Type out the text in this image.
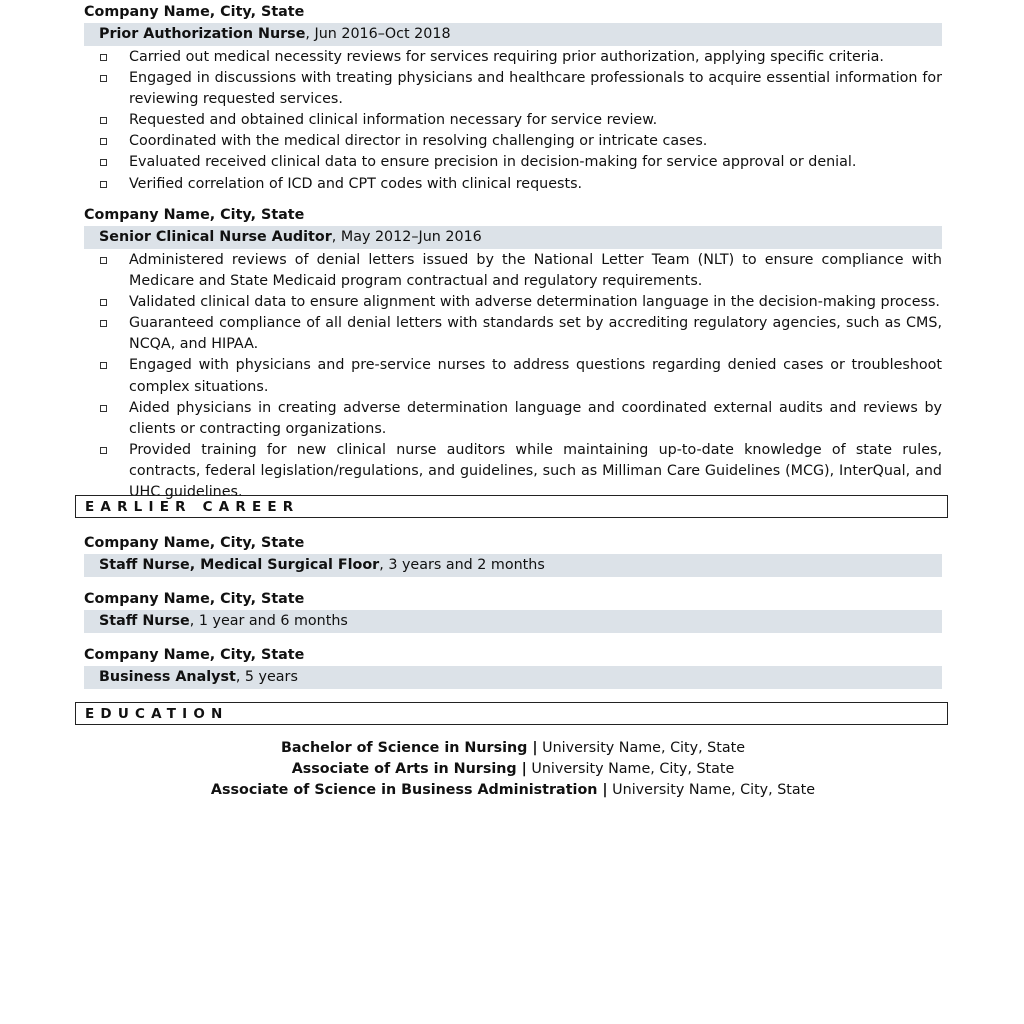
Company Name, City, State
Prior Authorization Nurse, Jun 2016–Oct 2018
Carried out medical necessity reviews for services requiring prior authorization, applying specific criteria.
Engaged in discussions with treating physicians and healthcare professionals to acquire essential information for reviewing requested services.
Requested and obtained clinical information necessary for service review.
Coordinated with the medical director in resolving challenging or intricate cases.
Evaluated received clinical data to ensure precision in decision-making for service approval or denial.
Verified correlation of ICD and CPT codes with clinical requests.
Company Name, City, State
Senior Clinical Nurse Auditor, May 2012–Jun 2016
Administered reviews of denial letters issued by the National Letter Team (NLT) to ensure compliance with Medicare and State Medicaid program contractual and regulatory requirements.
Validated clinical data to ensure alignment with adverse determination language in the decision-making process.
Guaranteed compliance of all denial letters with standards set by accrediting regulatory agencies, such as CMS, NCQA, and HIPAA.
Engaged with physicians and pre-service nurses to address questions regarding denied cases or troubleshoot complex situations.
Aided physicians in creating adverse determination language and coordinated external audits and reviews by clients or contracting organizations.
Provided training for new clinical nurse auditors while maintaining up-to-date knowledge of state rules, contracts, federal legislation/regulations, and guidelines, such as Milliman Care Guidelines (MCG), InterQual, and UHC guidelines.
EARLIER CAREER
Company Name, City, State
Staff Nurse, Medical Surgical Floor, 3 years and 2 months
Company Name, City, State
Staff Nurse, 1 year and 6 months
Company Name, City, State
Business Analyst, 5 years
EDUCATION
Bachelor of Science in Nursing | University Name, City, State
Associate of Arts in Nursing | University Name, City, State
Associate of Science in Business Administration | University Name, City, State
